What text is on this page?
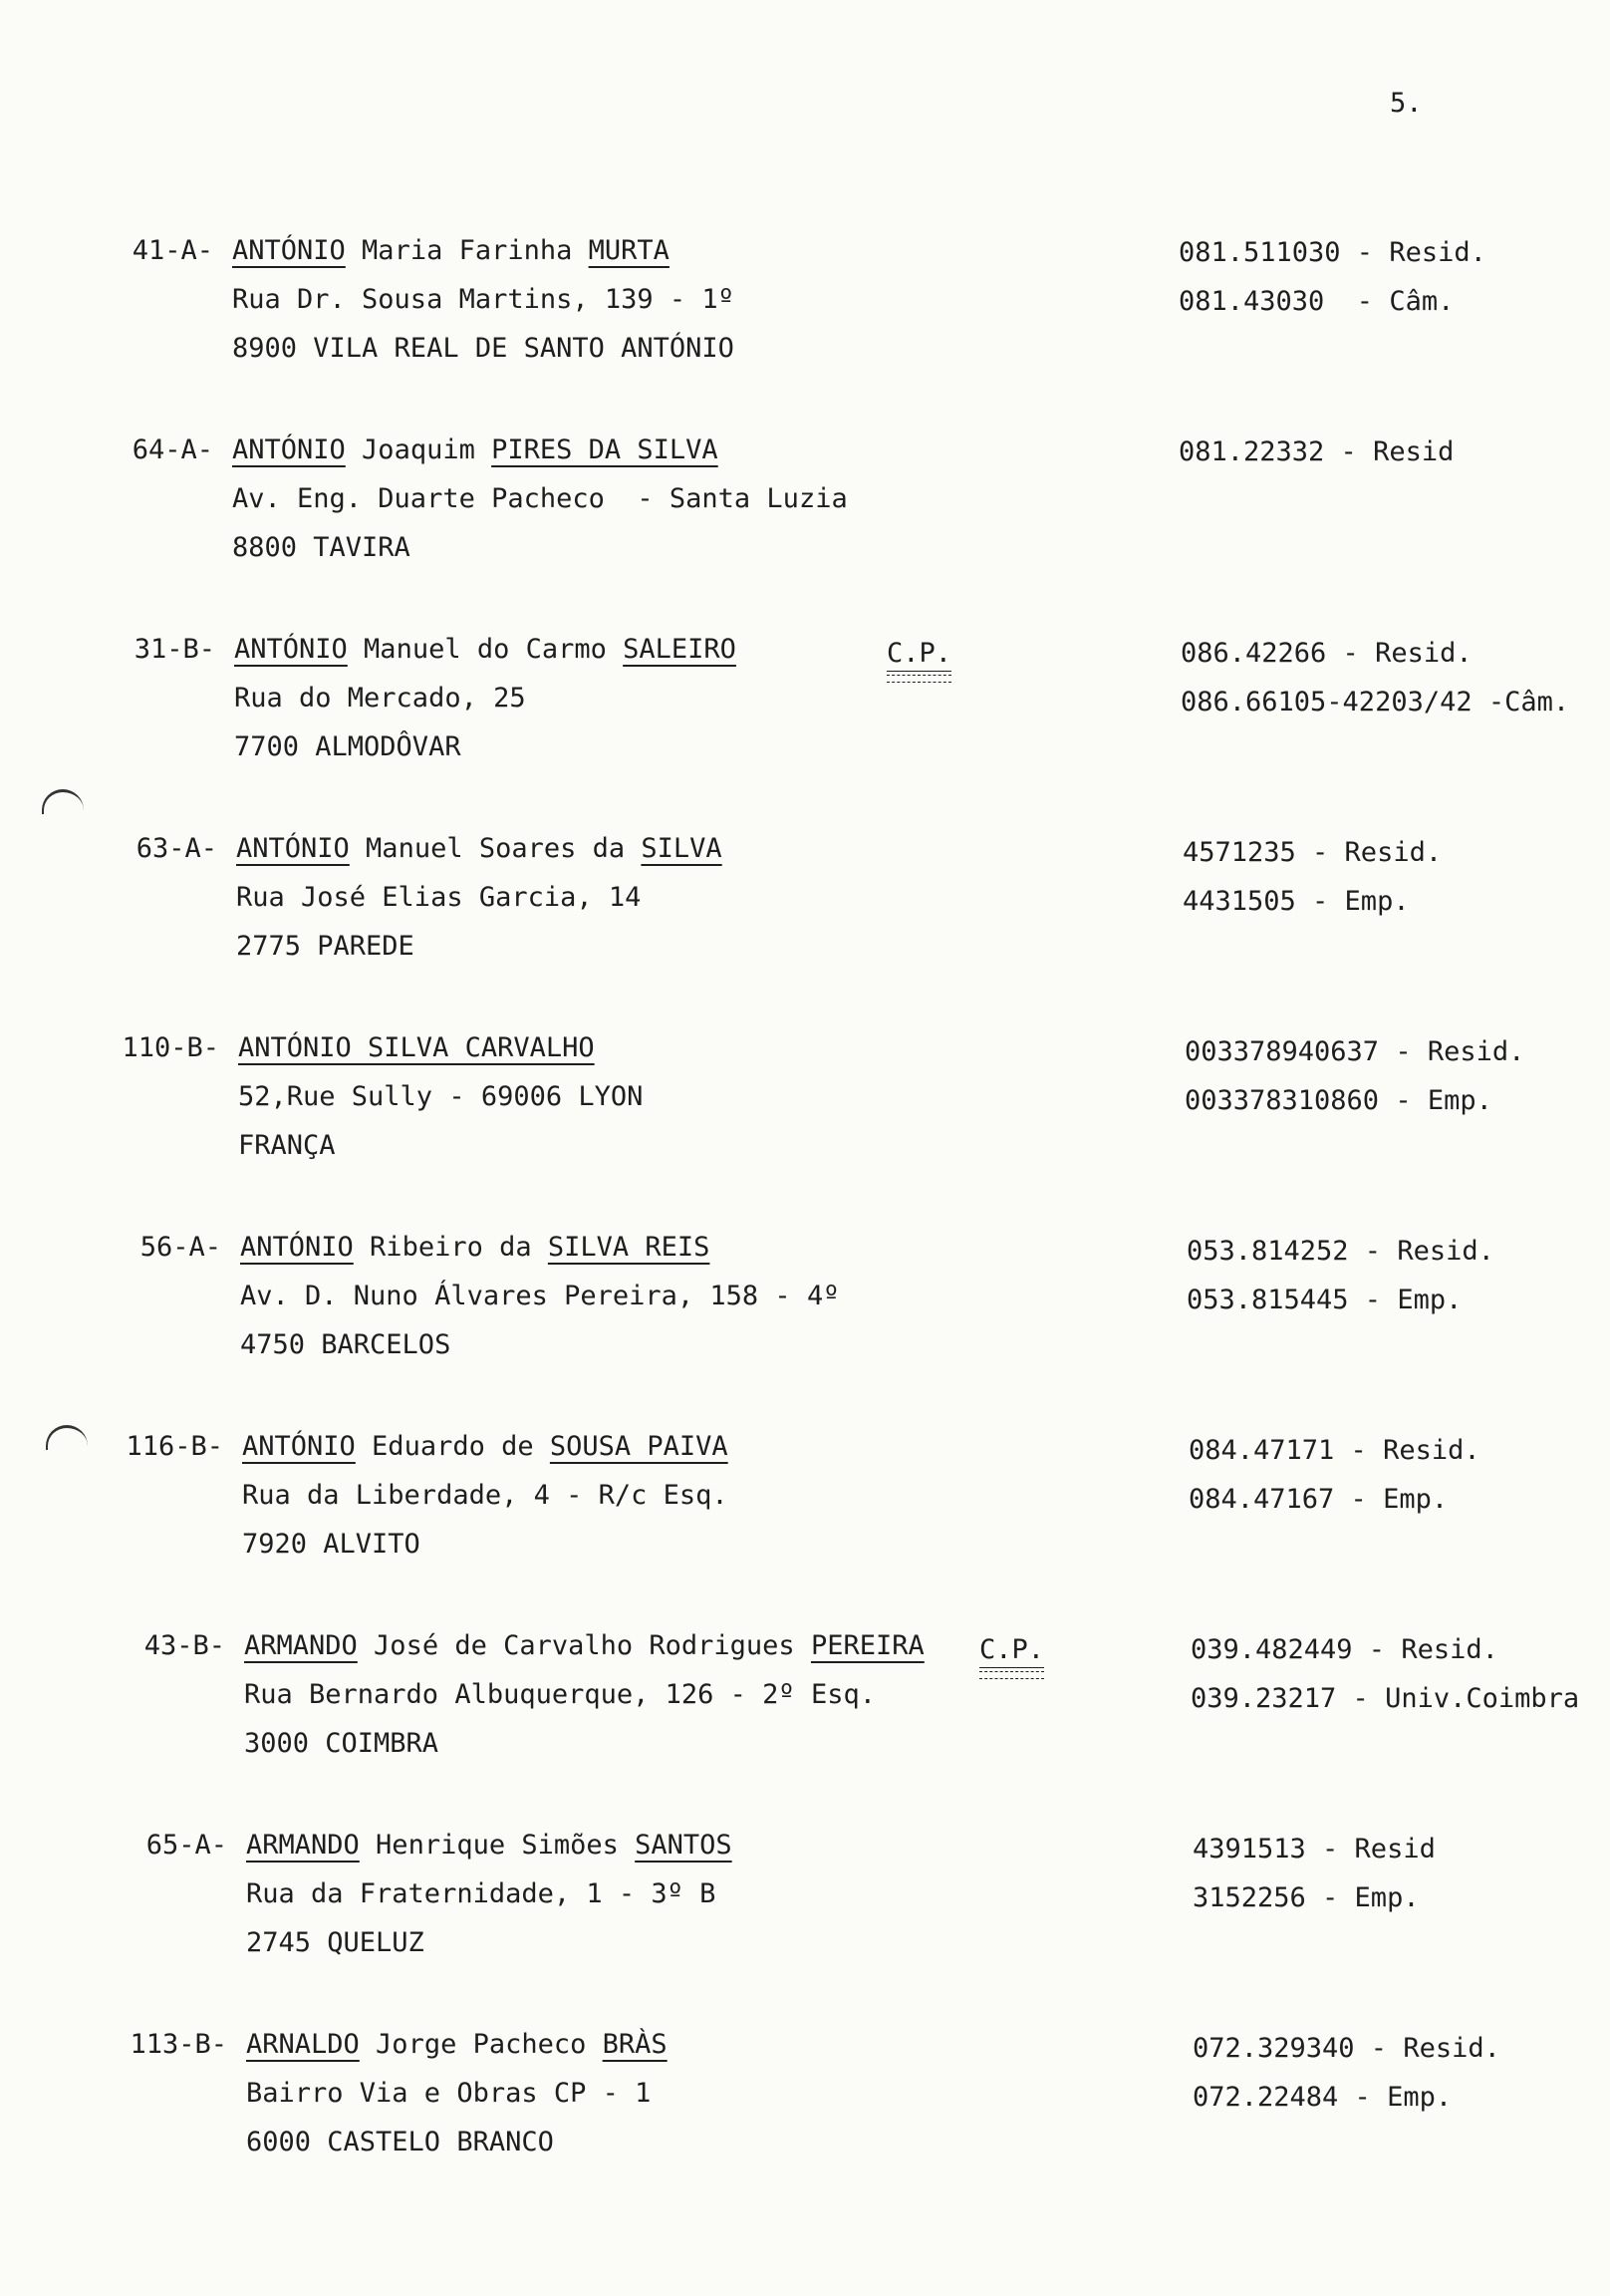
5.
41-A- ANTÓNIO Maria Farinha MURTA
Rua Dr. Sousa Martins, 139 - 1º
8900 VILA REAL DE SANTO ANTÓNIO
081.511030 - Resid.
081.43030  - Câm.
64-A- ANTÓNIO Joaquim PIRES DA SILVA
Av. Eng. Duarte Pacheco  - Santa Luzia
8800 TAVIRA
081.22332 - Resid
31-B- ANTÓNIO Manuel do Carmo SALEIRO	C.P.
Rua do Mercado, 25
7700 ALMODÔVAR
086.42266 - Resid.
086.66105-42203/42 -Câm.
63-A- ANTÓNIO Manuel Soares da SILVA
Rua José Elias Garcia, 14
2775 PAREDE
4571235 - Resid.
4431505 - Emp.
110-B- ANTÓNIO SILVA CARVALHO
52,Rue Sully - 69006 LYON
FRANÇA
003378940637 - Resid.
003378310860 - Emp.
56-A- ANTÓNIO Ribeiro da SILVA REIS
Av. D. Nuno Álvares Pereira, 158 - 4º
4750 BARCELOS
053.814252 - Resid.
053.815445 - Emp.
116-B- ANTÓNIO Eduardo de SOUSA PAIVA
Rua da Liberdade, 4 - R/c Esq.
7920 ALVITO
084.47171 - Resid.
084.47167 - Emp.
43-B- ARMANDO José de Carvalho Rodrigues PEREIRA C.P.
Rua Bernardo Albuquerque, 126 - 2º Esq.
3000 COIMBRA
039.482449 - Resid.
039.23217 - Univ.Coimbra
65-A- ARMANDO Henrique Simões SANTOS
Rua da Fraternidade, 1 - 3º B
2745 QUELUZ
4391513 - Resid
3152256 - Emp.
113-B- ARNALDO Jorge Pacheco BRÀS
Bairro Via e Obras CP - 1
6000 CASTELO BRANCO
072.329340 - Resid.
072.22484 - Emp.
